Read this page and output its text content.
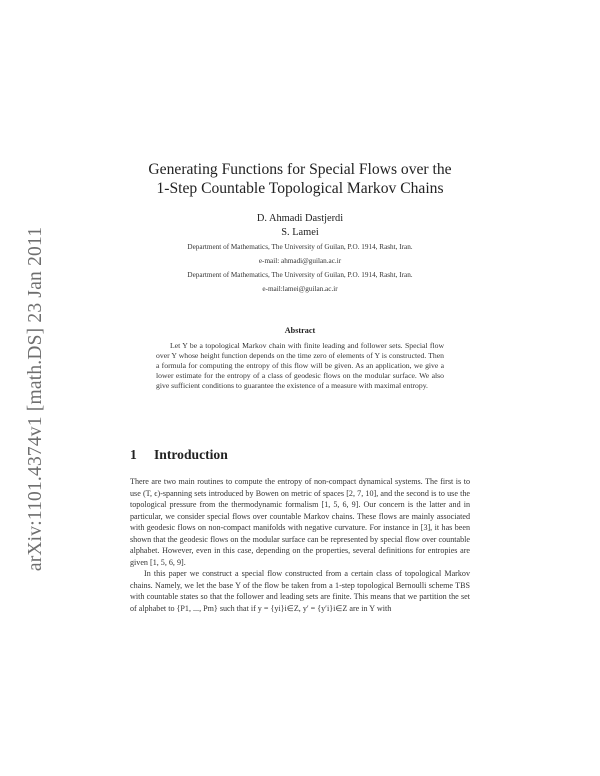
arXiv:1101.4374v1 [math.DS] 23 Jan 2011
Generating Functions for Special Flows over the
1-Step Countable Topological Markov Chains
D. Ahmadi Dastjerdi
S. Lamei
Department of Mathematics, The University of Guilan, P.O. 1914, Rasht, Iran.
e-mail: ahmadi@guilan.ac.ir
Department of Mathematics, The University of Guilan, P.O. 1914, Rasht, Iran.
e-mail:lamei@guilan.ac.ir
Abstract

Let Y be a topological Markov chain with finite leading and follower sets. Special flow over Y whose height function depends on the time zero of elements of Y is constructed. Then a formula for computing the entropy of this flow will be given. As an application, we give a lower estimate for the entropy of a class of geodesic flows on the modular surface. We also give sufficient conditions to guarantee the existence of a measure with maximal entropy.

1 Introduction

There are two main routines to compute the entropy of non-compact dynamical systems. The first is to use (T, ϵ)-spanning sets introduced by Bowen on metric of spaces [2, 7, 10], and the second is to use the topological pressure from the thermodynamic formalism [1, 5, 6, 9]. Our concern is the latter and in particular, we consider special flows over countable Markov chains. These flows are mainly associated with geodesic flows on non-compact manifolds with negative curvature. For instance in [3], it has been shown that the geodesic flows on the modular surface can be represented by special flow over countable alphabet. However, even in this case, depending on the properties, several definitions for entropies are given [1, 5, 6, 9].

In this paper we construct a special flow constructed from a certain class of topological Markov chains. Namely, we let the base Y of the flow be taken from a 1-step topological Bernoulli scheme TBS with countable states so that the follower and leading sets are finite. This means that we partition the set of alphabet to {P1, ..., Pm} such that if y = {yi}i∈Z, y′ = {y′i}i∈Z are in Y with
